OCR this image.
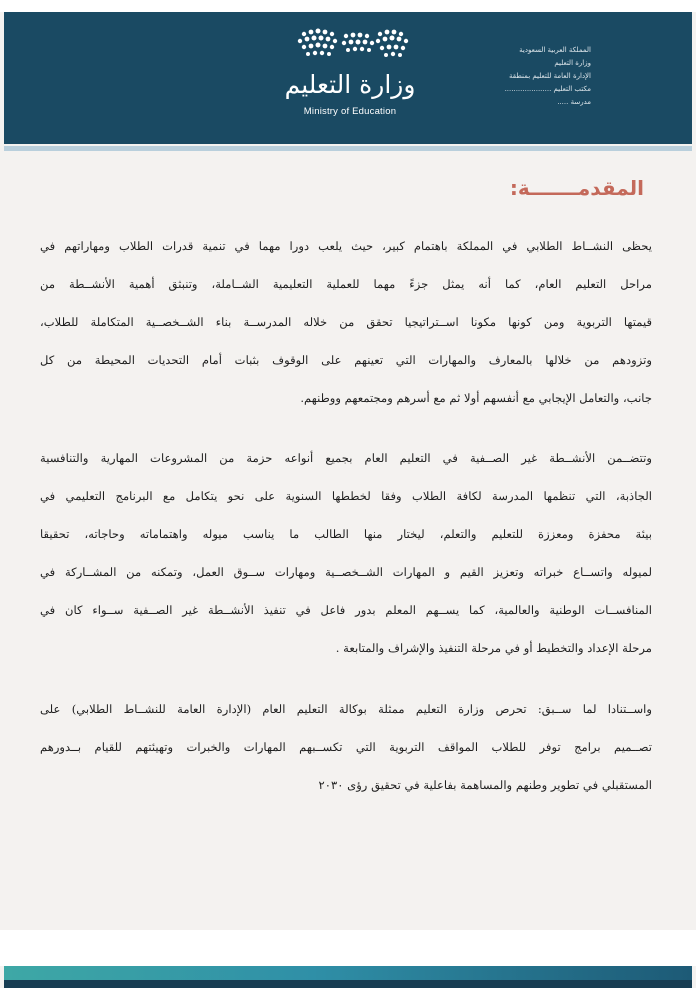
وزارة التعليم
Ministry of Education
المملكة العربية السعودية
وزارة التعليم
الإدارة العامة للتعليم بمنطقة
مكتب التعليم .....................
مدرسة .....
المقدمـــــــة:
يحظى النشــاط الطلابي في المملكة باهتمام كبير، حيث يلعب دورا مهما في تنمية قدرات الطلاب ومهاراتهم في
مراحل التعليم العام، كما أنه يمثل جزءً مهما للعملية التعليمية الشــاملة، وتنبثق أهمية الأنشــطة من
قيمتها التربوية ومن كونها مكونا اســتراتيجيا تحقق من خلاله المدرســة بناء الشــخصــية المتكاملة للطلاب،
وتزودهم من خلالها بالمعارف والمهارات التي تعينهم على الوقوف بثبات أمام التحديات المحيطة من كل
جانب، والتعامل الإيجابي مع أنفسهم أولا ثم مع أسرهم ومجتمعهم ووطنهم.
وتتضــمن الأنشــطة غير الصــفية في التعليم العام بجميع أنواعه حزمة من المشروعات المهارية والتنافسية
الجاذبة، التي تنظمها المدرسة لكافة الطلاب وفقا لخططها السنوية على نحو يتكامل مع البرنامج التعليمي في
بيئة محفزة ومعززة للتعليم والتعلم، ليختار منها الطالب ما يناسب ميوله واهتماماته وحاجاته، تحقيقا
لميوله واتســاع خبراته وتعزيز القيم و المهارات الشــخصــية ومهارات ســوق العمل، وتمكنه من المشــاركة في
المنافســات الوطنية والعالمية، كما يســهم المعلم بدور فاعل في تنفيذ الأنشــطة غير الصــفية ســواء كان في
مرحلة الإعداد والتخطيط أو في مرحلة التنفيذ والإشراف والمتابعة .
واســتنادا لما ســبق: تحرص وزارة التعليم ممثلة بوكالة التعليم العام (الإدارة العامة للنشــاط الطلابي) على
تصــميم برامج توفر للطلاب المواقف التربوية التي تكســبهم المهارات والخبرات وتهيئتهم للقيام بــدورهم
المستقبلي في تطوير وطنهم والمساهمة بفاعلية في تحقيق رؤى ٢٠٣٠
